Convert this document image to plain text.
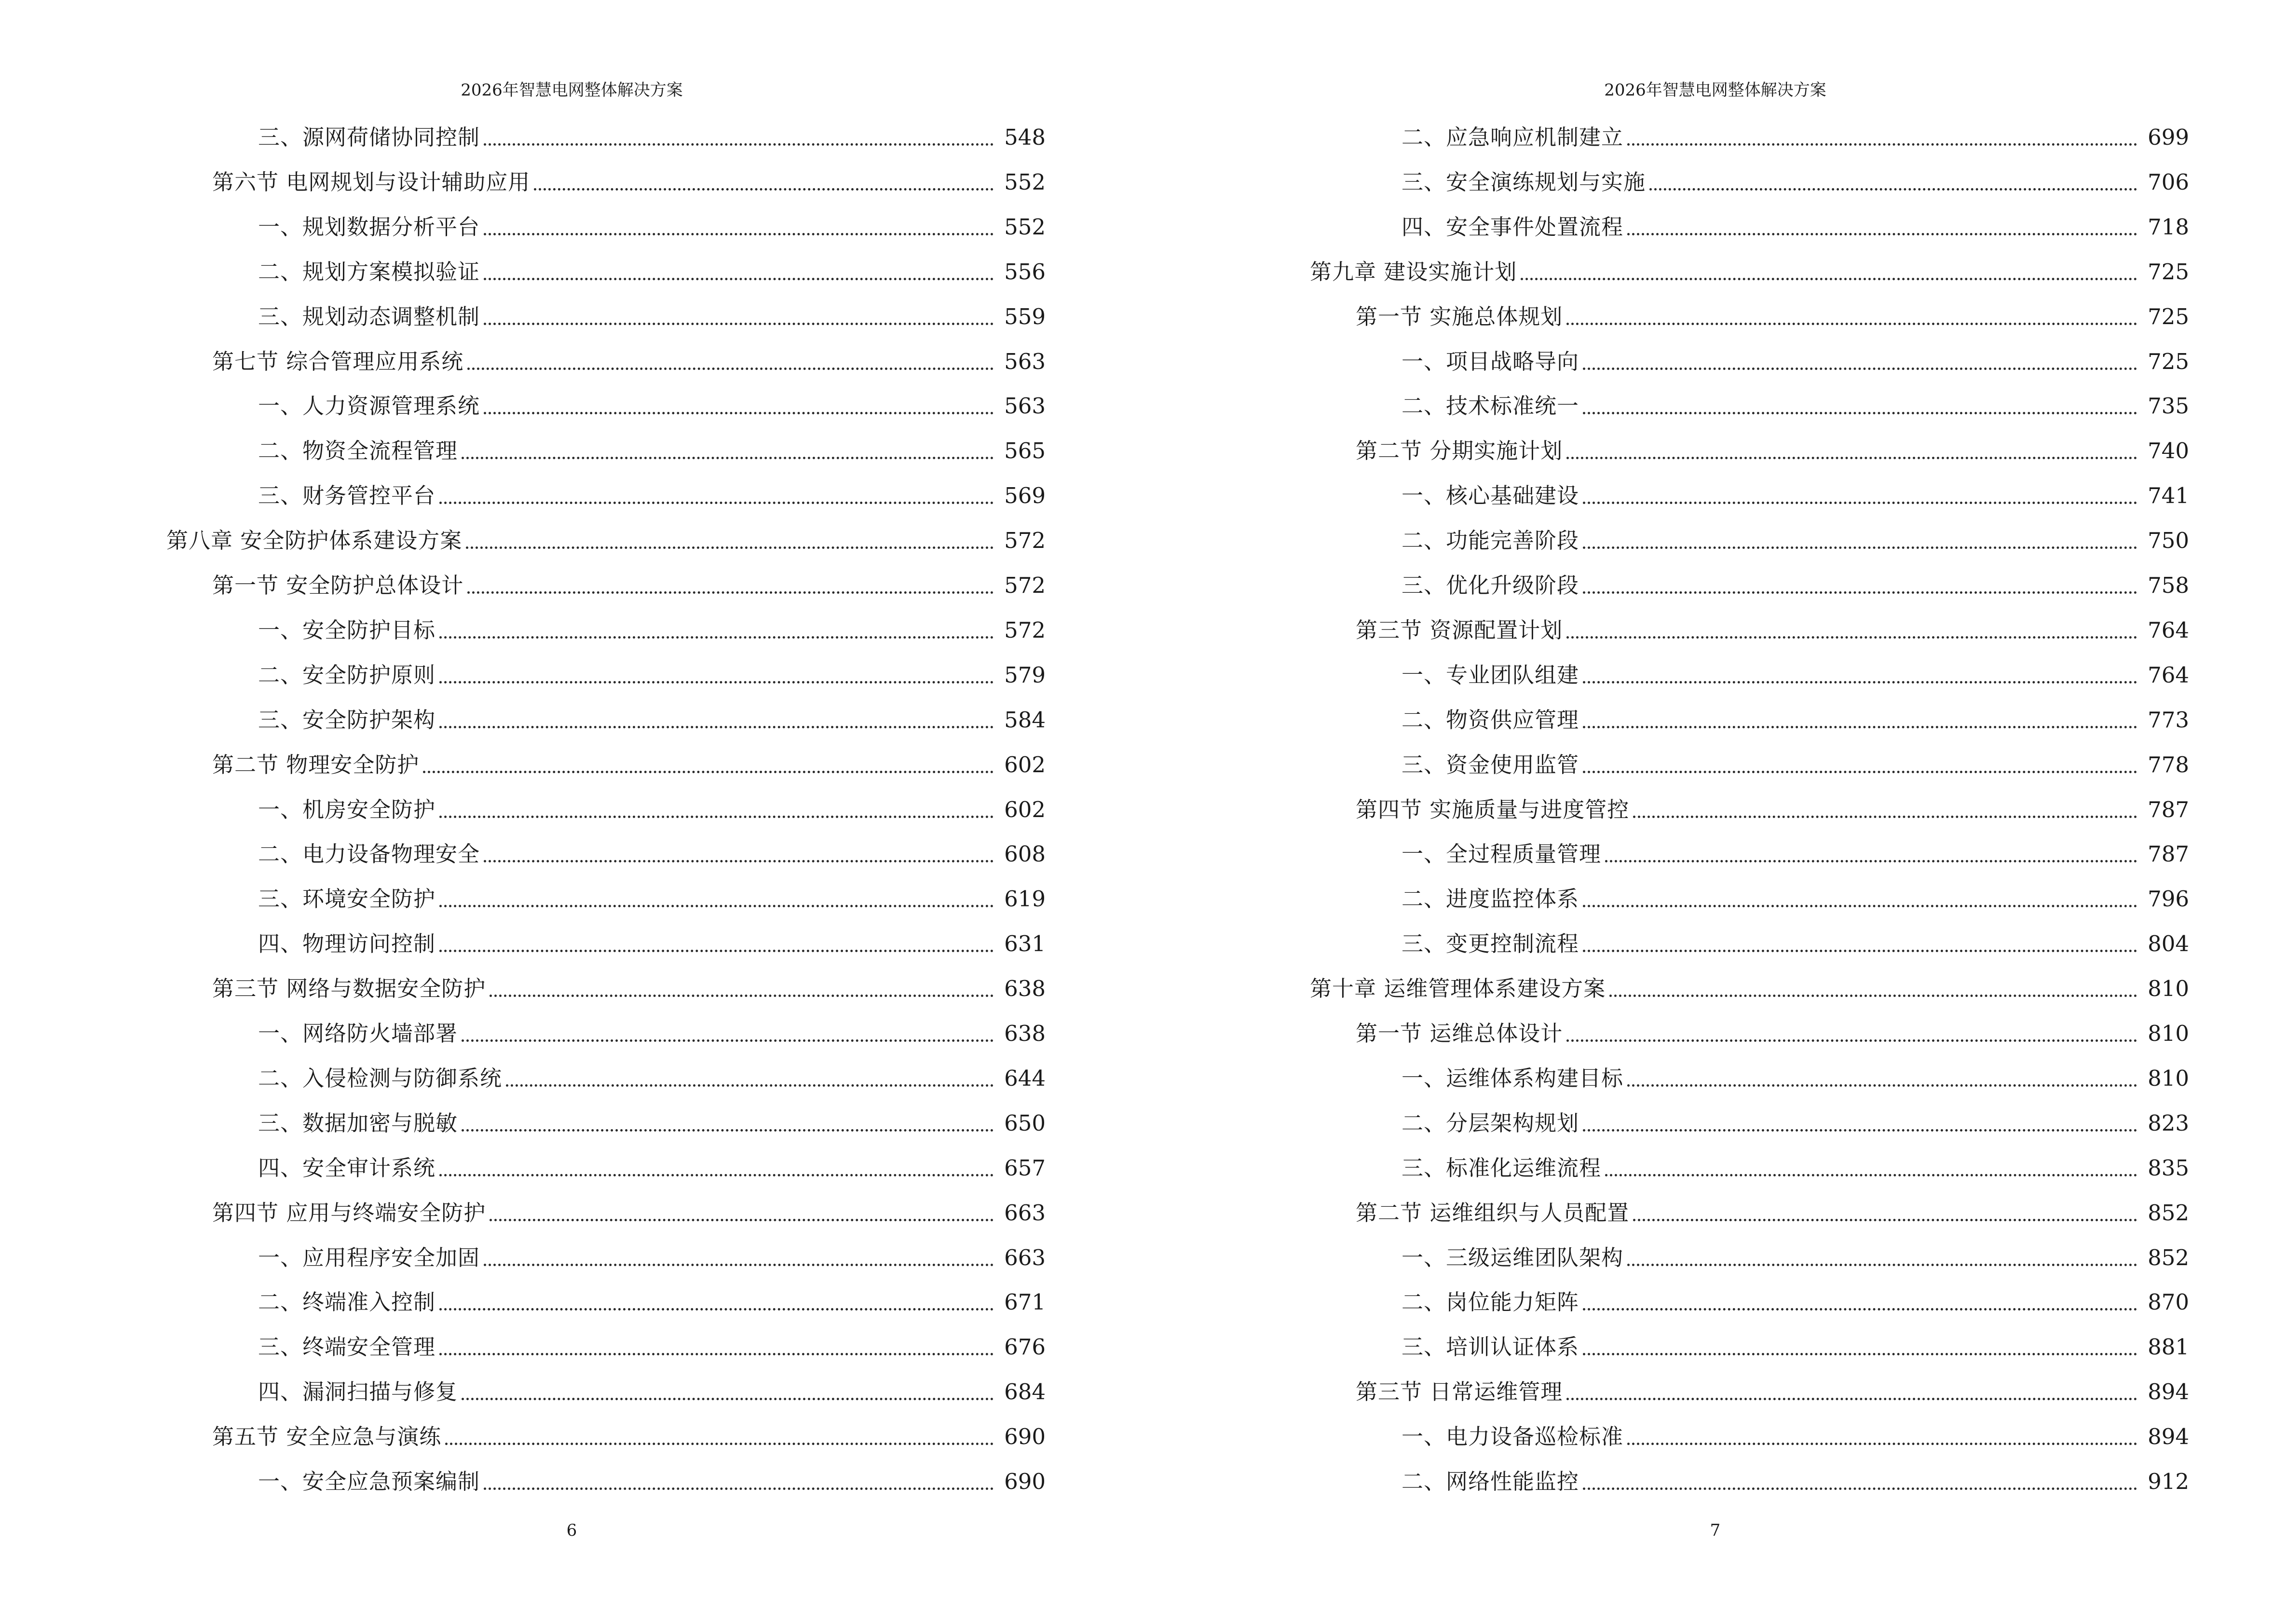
2026年智慧电网整体解决方案
三、源网荷储协同控制	548
第六节 电网规划与设计辅助应用	552
一、规划数据分析平台	552
二、规划方案模拟验证	556
三、规划动态调整机制	559
第七节 综合管理应用系统	563
一、人力资源管理系统	563
二、物资全流程管理	565
三、财务管控平台	569
第八章 安全防护体系建设方案	572
第一节 安全防护总体设计	572
一、安全防护目标	572
二、安全防护原则	579
三、安全防护架构	584
第二节 物理安全防护	602
一、机房安全防护	602
二、电力设备物理安全	608
三、环境安全防护	619
四、物理访问控制	631
第三节 网络与数据安全防护	638
一、网络防火墙部署	638
二、入侵检测与防御系统	644
三、数据加密与脱敏	650
四、安全审计系统	657
第四节 应用与终端安全防护	663
一、应用程序安全加固	663
二、终端准入控制	671
三、终端安全管理	676
四、漏洞扫描与修复	684
第五节 安全应急与演练	690
一、安全应急预案编制	690
6
2026年智慧电网整体解决方案
二、应急响应机制建立	699
三、安全演练规划与实施	706
四、安全事件处置流程	718
第九章 建设实施计划	725
第一节 实施总体规划	725
一、项目战略导向	725
二、技术标准统一	735
第二节 分期实施计划	740
一、核心基础建设	741
二、功能完善阶段	750
三、优化升级阶段	758
第三节 资源配置计划	764
一、专业团队组建	764
二、物资供应管理	773
三、资金使用监管	778
第四节 实施质量与进度管控	787
一、全过程质量管理	787
二、进度监控体系	796
三、变更控制流程	804
第十章 运维管理体系建设方案	810
第一节 运维总体设计	810
一、运维体系构建目标	810
二、分层架构规划	823
三、标准化运维流程	835
第二节 运维组织与人员配置	852
一、三级运维团队架构	852
二、岗位能力矩阵	870
三、培训认证体系	881
第三节 日常运维管理	894
一、电力设备巡检标准	894
二、网络性能监控	912
7
